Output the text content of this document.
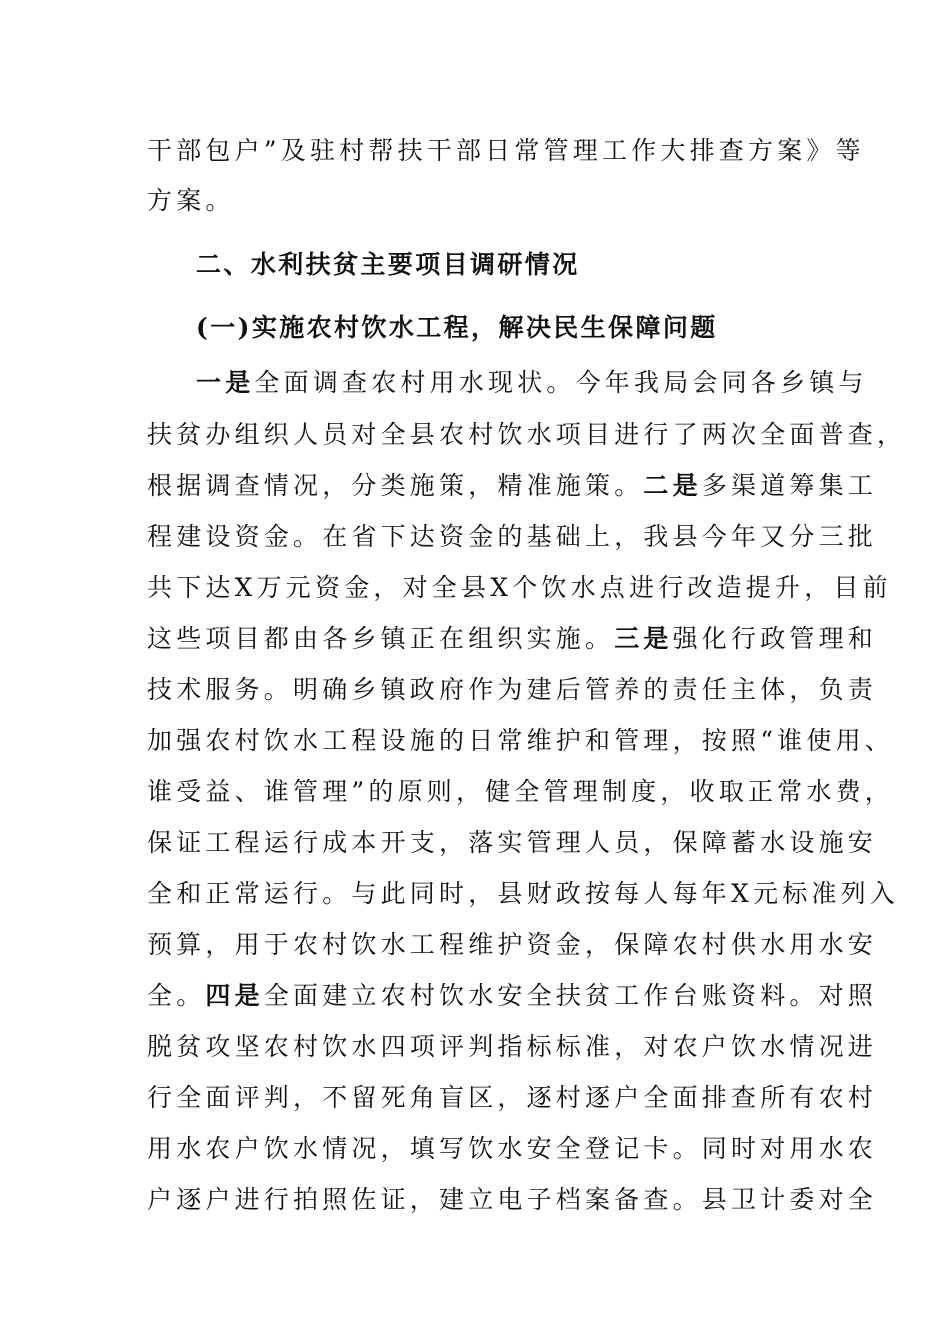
干部包户”及驻村帮扶干部日常管理工作大排查方案》等
方案。
二、水利扶贫主要项目调研情况
(一)实施农村饮水工程，解决民生保障问题
一是全面调查农村用水现状。今年我局会同各乡镇与
扶贫办组织人员对全县农村饮水项目进行了两次全面普查，
根据调查情况，分类施策，精准施策。二是多渠道筹集工
程建设资金。在省下达资金的基础上，我县今年又分三批
共下达X万元资金，对全县X个饮水点进行改造提升，目前
这些项目都由各乡镇正在组织实施。三是强化行政管理和
技术服务。明确乡镇政府作为建后管养的责任主体，负责
加强农村饮水工程设施的日常维护和管理，按照“谁使用、
谁受益、谁管理”的原则，健全管理制度，收取正常水费，
保证工程运行成本开支，落实管理人员，保障蓄水设施安
全和正常运行。与此同时，县财政按每人每年X元标准列入
预算，用于农村饮水工程维护资金，保障农村供水用水安
全。四是全面建立农村饮水安全扶贫工作台账资料。对照
脱贫攻坚农村饮水四项评判指标标准，对农户饮水情况进
行全面评判，不留死角盲区，逐村逐户全面排查所有农村
用水农户饮水情况，填写饮水安全登记卡。同时对用水农
户逐户进行拍照佐证，建立电子档案备查。县卫计委对全
